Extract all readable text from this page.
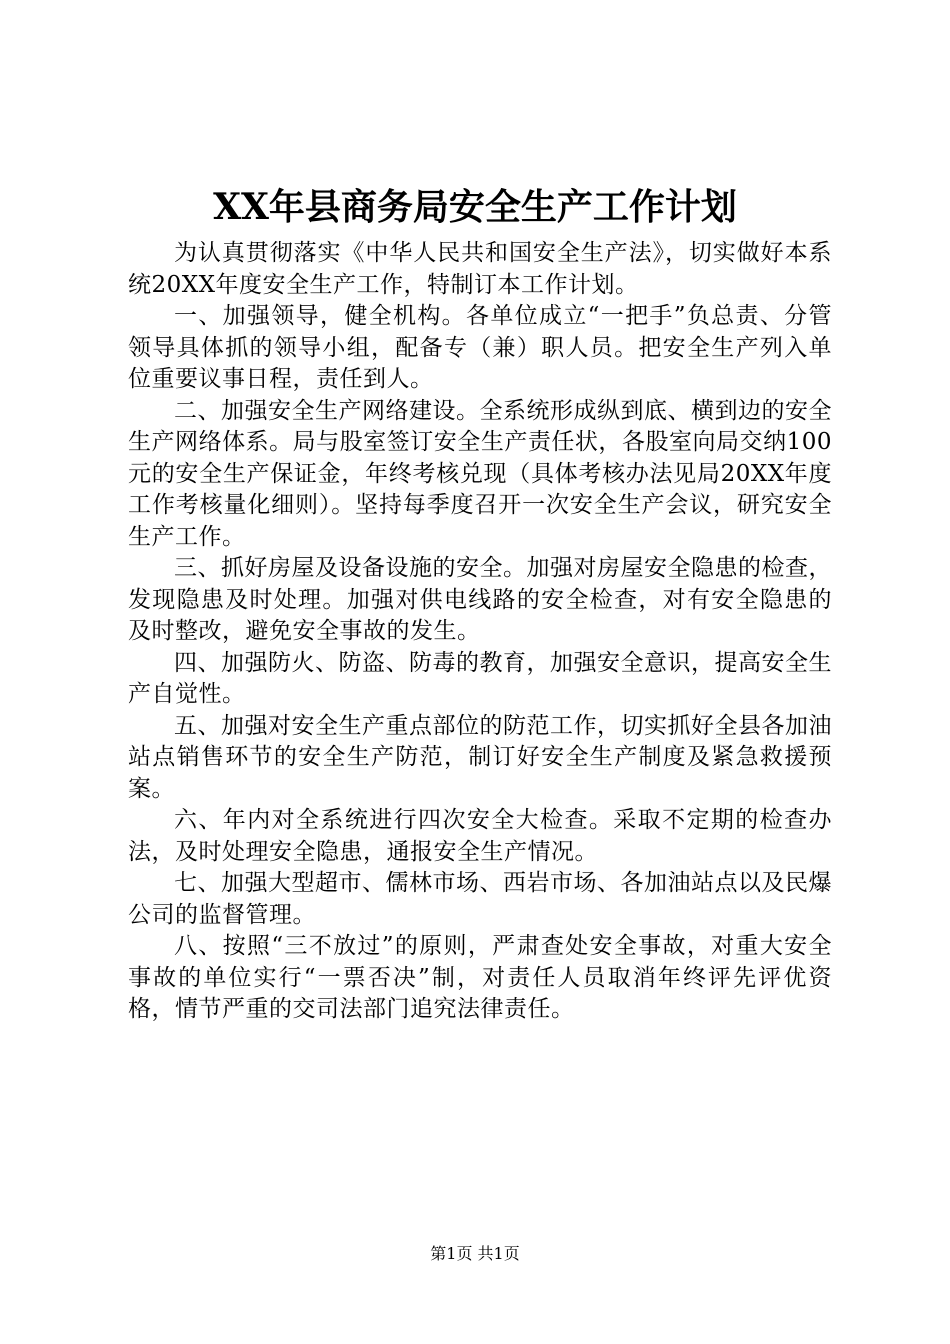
XX年县商务局安全生产工作计划

为认真贯彻落实《中华人民共和国安全生产法》，切实做好本系统20XX年度安全生产工作，特制订本工作计划。

一、加强领导，健全机构。各单位成立“一把手”负总责、分管领导具体抓的领导小组，配备专（兼）职人员。把安全生产列入单位重要议事日程，责任到人。

二、加强安全生产网络建设。全系统形成纵到底、横到边的安全生产网络体系。局与股室签订安全生产责任状，各股室向局交纳100元的安全生产保证金，年终考核兑现（具体考核办法见局20XX年度工作考核量化细则）。坚持每季度召开一次安全生产会议，研究安全生产工作。

三、抓好房屋及设备设施的安全。加强对房屋安全隐患的检查，发现隐患及时处理。加强对供电线路的安全检查，对有安全隐患的及时整改，避免安全事故的发生。

四、加强防火、防盗、防毒的教育，加强安全意识，提高安全生产自觉性。

五、加强对安全生产重点部位的防范工作，切实抓好全县各加油站点销售环节的安全生产防范，制订好安全生产制度及紧急救援预案。

六、年内对全系统进行四次安全大检查。采取不定期的检查办法，及时处理安全隐患，通报安全生产情况。

七、加强大型超市、儒林市场、西岩市场、各加油站点以及民爆公司的监督管理。

八、按照“三不放过”的原则，严肃查处安全事故，对重大安全事故的单位实行“一票否决”制，对责任人员取消年终评先评优资格，情节严重的交司法部门追究法律责任。

第1页 共1页
